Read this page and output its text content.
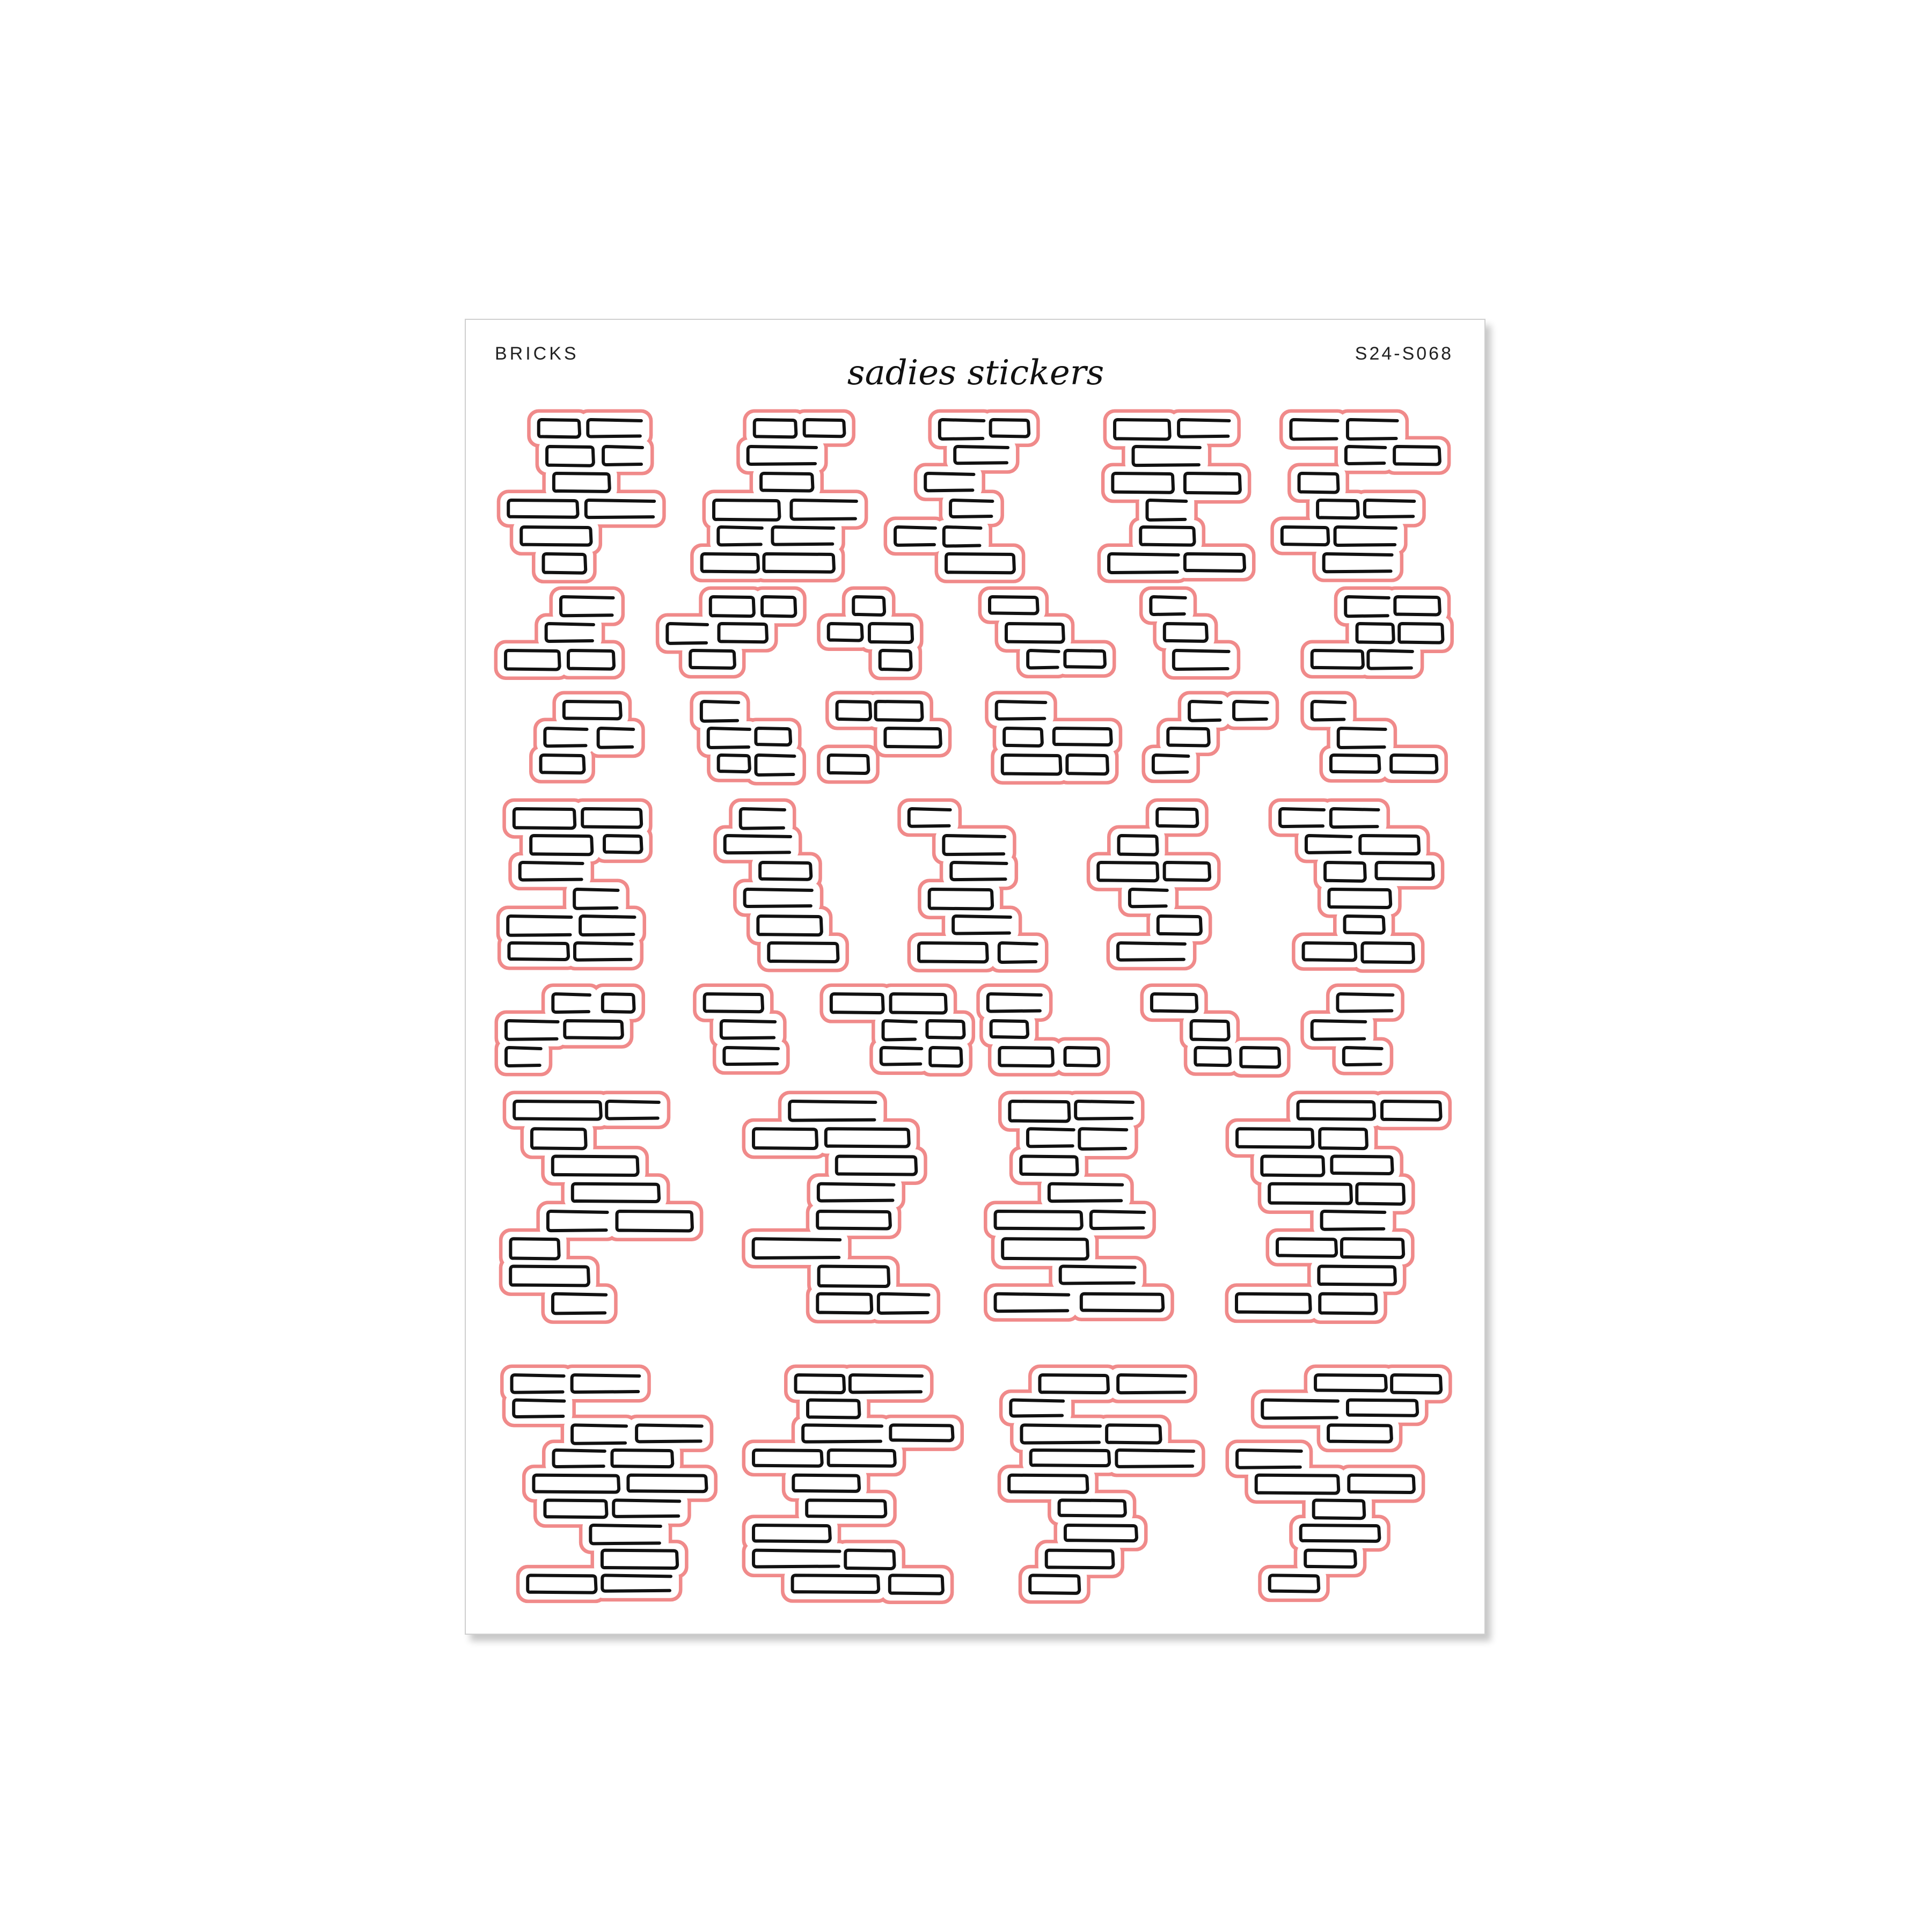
BRICKS	sadies stickers	S24-S068
